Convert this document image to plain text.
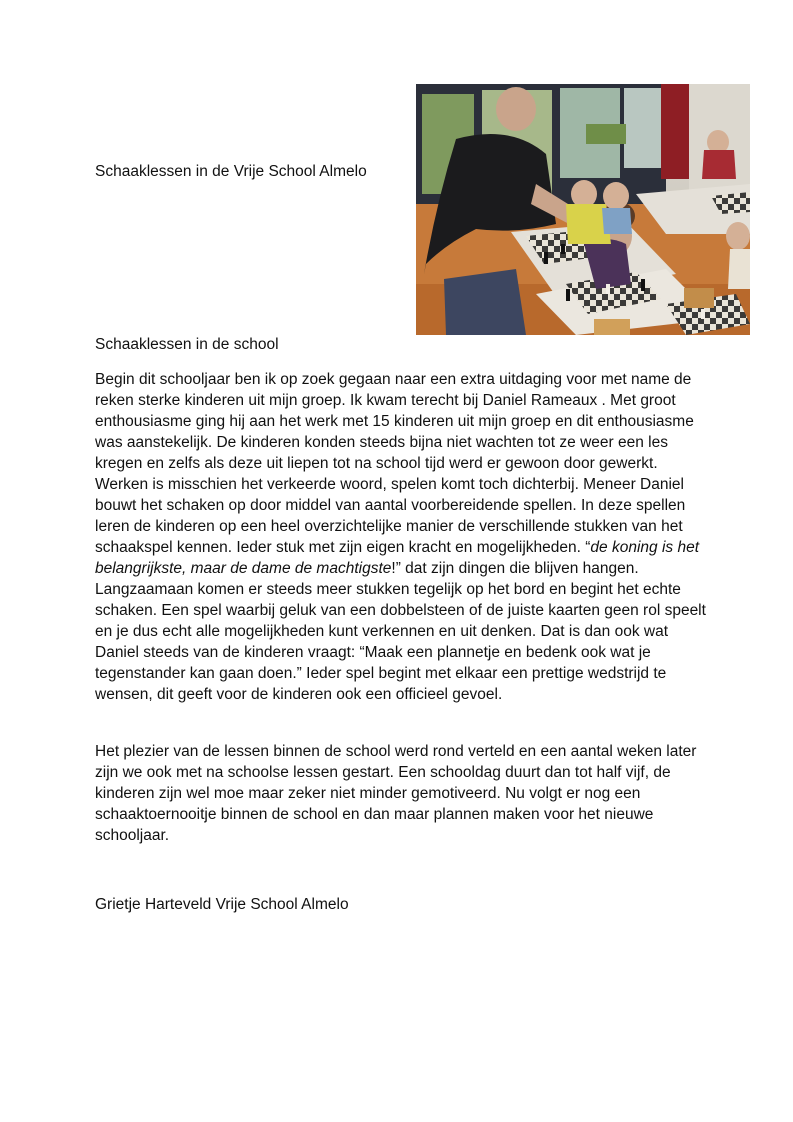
Schaaklessen in de Vrije School Almelo

Schaaklessen in de school

Begin dit schooljaar ben ik op zoek gegaan naar een extra uitdaging voor met name de reken sterke kinderen uit mijn groep. Ik kwam terecht bij Daniel Rameaux . Met groot enthousiasme ging hij aan het werk met 15 kinderen uit mijn groep en dit enthousiasme was aanstekelijk. De kinderen konden steeds bijna niet wachten tot ze weer een les kregen en zelfs als deze uit liepen tot na school tijd werd er gewoon door gewerkt. Werken is misschien het verkeerde woord, spelen komt toch dichterbij. Meneer Daniel bouwt het schaken op door middel van aantal voorbereidende spellen. In deze spellen leren de kinderen op een heel overzichtelijke manier de verschillende stukken van het schaakspel kennen. Ieder stuk met zijn eigen kracht en mogelijkheden. “de koning is het belangrijkste, maar de dame de machtigste!” dat zijn dingen die blijven hangen. Langzaamaan komen er steeds meer stukken tegelijk op het bord en begint het echte schaken. Een spel waarbij geluk van een dobbelsteen of de juiste kaarten geen rol speelt en je dus echt alle mogelijkheden kunt verkennen en uit denken. Dat is dan ook wat Daniel steeds van de kinderen vraagt: “Maak een plannetje en bedenk ook wat je tegenstander kan gaan doen.” Ieder spel begint met elkaar een prettige wedstrijd te wensen, dit geeft voor de kinderen ook een officieel gevoel.

Het plezier van de lessen binnen de school werd rond verteld en een aantal weken later zijn we ook met na schoolse lessen gestart. Een schooldag duurt dan tot half vijf, de kinderen zijn wel moe maar zeker niet minder gemotiveerd. Nu volgt er nog een schaaktoernooitje binnen de school en dan maar plannen maken voor het nieuwe schooljaar.

Grietje Harteveld Vrije School Almelo
